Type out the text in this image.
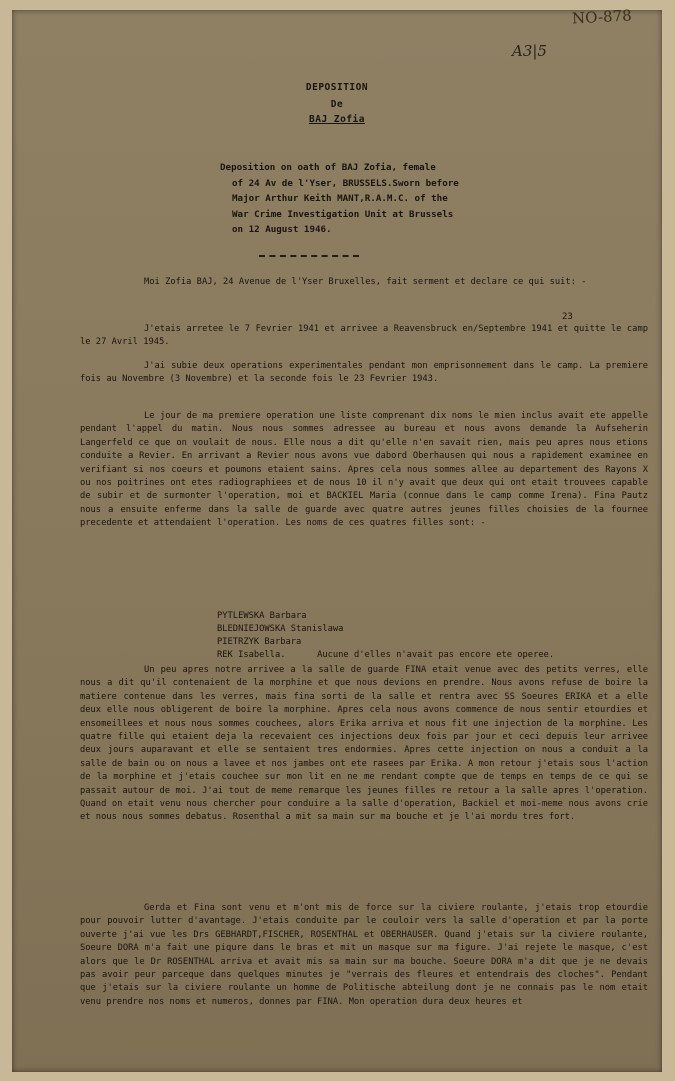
NO-878
A3|5
DEPOSITION
De
BAJ Zofia
Deposition on oath of BAJ Zofia, female
of 24 Av de l'Yser, BRUSSELS.Sworn before
Major Arthur Keith MANT,R.A.M.C. of the
War Crime Investigation Unit at Brussels
on 12 August 1946.

Moi Zofia BAJ, 24 Avenue de l'Yser Bruxelles, fait serment et declare ce qui suit: -

23

J'etais arretee le 7 Fevrier 1941 et arrivee a Reavensbruck en/Septembre 1941 et quitte le camp le 27 Avril 1945.

J'ai subie deux operations experimentales pendant mon emprisonnement dans le camp. La premiere fois au Novembre (3 Novembre) et la seconde fois le 23 Fevrier 1943.

Le jour de ma premiere operation une liste comprenant dix noms le mien inclus avait ete appelle pendant l'appel du matin. Nous nous sommes adressee au bureau et nous avons demande la Aufseherin Langerfeld ce que on voulait de nous. Elle nous a dit qu'elle n'en savait rien, mais peu apres nous etions conduite a Revier. En arrivant a Revier nous avons vue dabord Oberhausen qui nous a rapidement examinee en verifiant si nos coeurs et poumons etaient sains. Apres cela nous sommes allee au departement des Rayons X ou nos poitrines ont etes radiographiees et de nous 10 il n'y avait que deux qui ont etait trouvees capable de subir et de surmonter l'operation, moi et BACKIEL Maria (connue dans le camp comme Irena). Fina Pautz nous a ensuite enferme dans la salle de guarde avec quatre autres jeunes filles choisies de la fournee precedente et attendaient l'operation. Les noms de ces quatres filles sont: -

PYTLEWSKA Barbara
BLEDNIEJOWSKA Stanislawa
PIETRZYK Barbara
REK Isabella.	Aucune d'elles n'avait pas encore ete operee.

Un peu apres notre arrivee a la salle de guarde FINA etait venue avec des petits verres, elle nous a dit qu'il contenaient de la morphine et que nous devions en prendre. Nous avons refuse de boire la matiere contenue dans les verres, mais fina sorti de la salle et rentra avec SS Soeures ERIKA et a elle deux elle nous obligerent de boire la morphine. Apres cela nous avons commence de nous sentir etourdies et ensomeillees et nous nous sommes couchees, alors Erika arriva et nous fit une injection de la morphine. Les quatre fille qui etaient deja la recevaient ces injections deux fois par jour et ceci depuis leur arrivee deux jours auparavant et elle se sentaient tres endormies. Apres cette injection on nous a conduit a la salle de bain ou on nous a lavee et nos jambes ont ete rasees par Erika. A mon retour j'etais sous l'action de la morphine et j'etais couchee sur mon lit en ne me rendant compte que de temps en temps de ce qui se passait autour de moi. J'ai tout de meme remarque les jeunes filles re retour a la salle apres l'operation. Quand on etait venu nous chercher pour conduire a la salle d'operation, Backiel et moi-meme nous avons crie et nous nous sommes debatus. Rosenthal a mit sa main sur ma bouche et je l'ai mordu tres fort.

Gerda et Fina sont venu et m'ont mis de force sur la civiere roulante, j'etais trop etourdie pour pouvoir lutter d'avantage. J'etais conduite par le couloir vers la salle d'operation et par la porte ouverte j'ai vue les Drs GEBHARDT,FISCHER, ROSENTHAL et OBERHAUSER. Quand j'etais sur la civiere roulante, Soeure DORA m'a fait une piqure dans le bras et mit un masque sur ma figure. J'ai rejete le masque, c'est alors que le Dr ROSENTHAL arriva et avait mis sa main sur ma bouche. Soeure DORA m'a dit que je ne devais pas avoir peur parceque dans quelques minutes je "verrais des fleures et entendrais des cloches". Pendant que j'etais sur la civiere roulante un homme de Politische abteilung dont je ne connais pas le nom etait venu prendre nos noms et numeros, donnes par FINA. Mon operation dura deux heures et
